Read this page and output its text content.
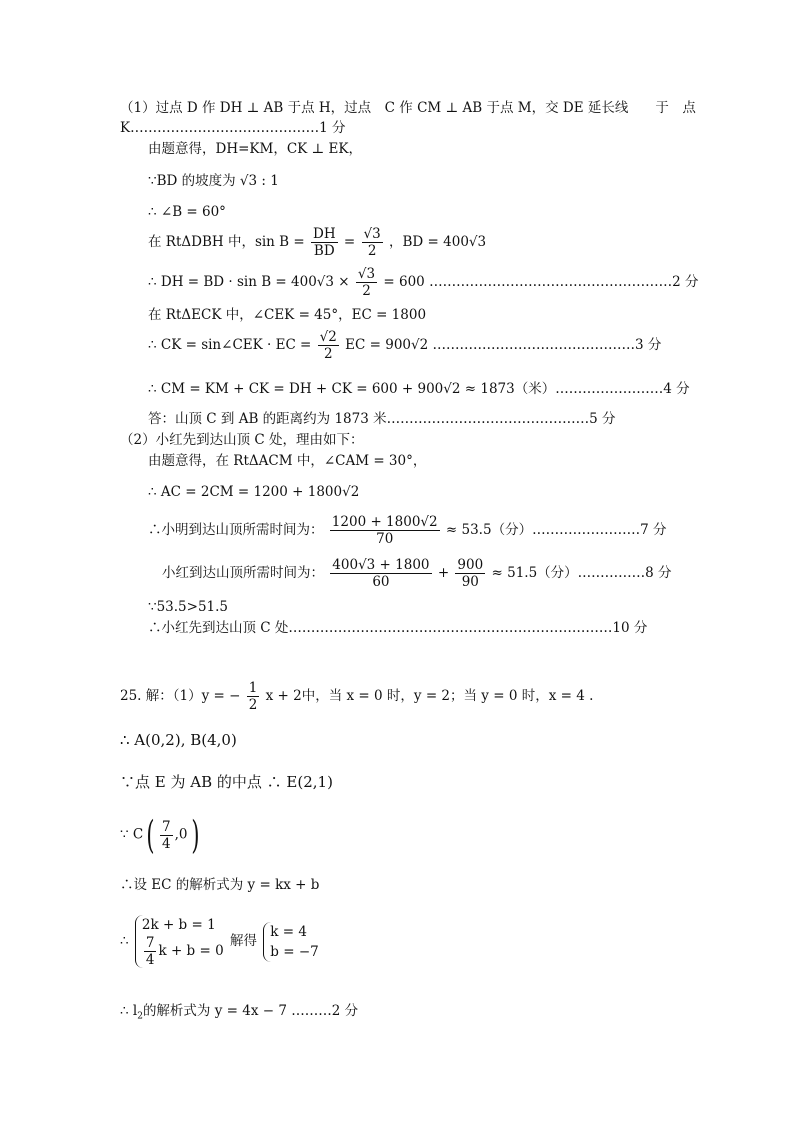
（1）过点 D 作 DH ⊥ AB 于点 H，过点　C 作 CM ⊥ AB 于点 M，交 DE 延长线　　于　点
K……………………………………1 分
由题意得，DH=KM，CK ⊥ EK，
∵BD 的坡度为 √3 : 1
∴ ∠B = 60°
在 RtΔDBH 中，$\sin B = \frac{DH}{BD} = \frac{√3}{2}$ ，BD = 400√3
∴ DH = BD · $\sin B = 400√3 \times \frac{√3}{2} = 600$ ………………………………………………2 分
在 RtΔECK 中，∠CEK = 45°，EC = 1800
∴ CK = sin∠CEK · EC = $\frac{√2}{2}$ EC = 900√2 ………………………………………3 分
∴ CM = KM + CK = DH + CK = 600 + 900√2 ≈ 1873（米）……………………4 分
答：山顶 C 到 AB 的距离约为 1873 米………………………………………5 分
（2）小红先到达山顶 C 处，理由如下：
由题意得，在 RtΔACM 中，∠CAM = 30°，
∴ AC = 2CM = 1200 + 1800√2
∴小明到达山顶所需时间为： $\frac{1200 + 1800√2}{70} \approx 53.5$（分）……………………7 分
小红到达山顶所需时间为： $\frac{400√3 + 1800}{60} + \frac{900}{90} \approx 51.5$（分）……………8 分
∵53.5>51.5
∴小红先到达山顶 C 处………………………………………………………………10 分
25. 解：（1）y = − $\frac{1}{2}$ x + 2中，当 x = 0 时，y = 2；当 y = 0 时，x = 4 .
∴ A(0,2), B(4,0)
∵点 E 为 AB 的中点 ∴ E(2,1)
∵ $C( \frac{7}{4} ,0)$
∴设 EC 的解析式为 y = kx + b
∴
2k + b = 1
$\frac{7}{4}$ k + b = 0
解得
k = 4
b = −7
∴ $l_2$的解析式为 y = 4x − 7 ………2 分
